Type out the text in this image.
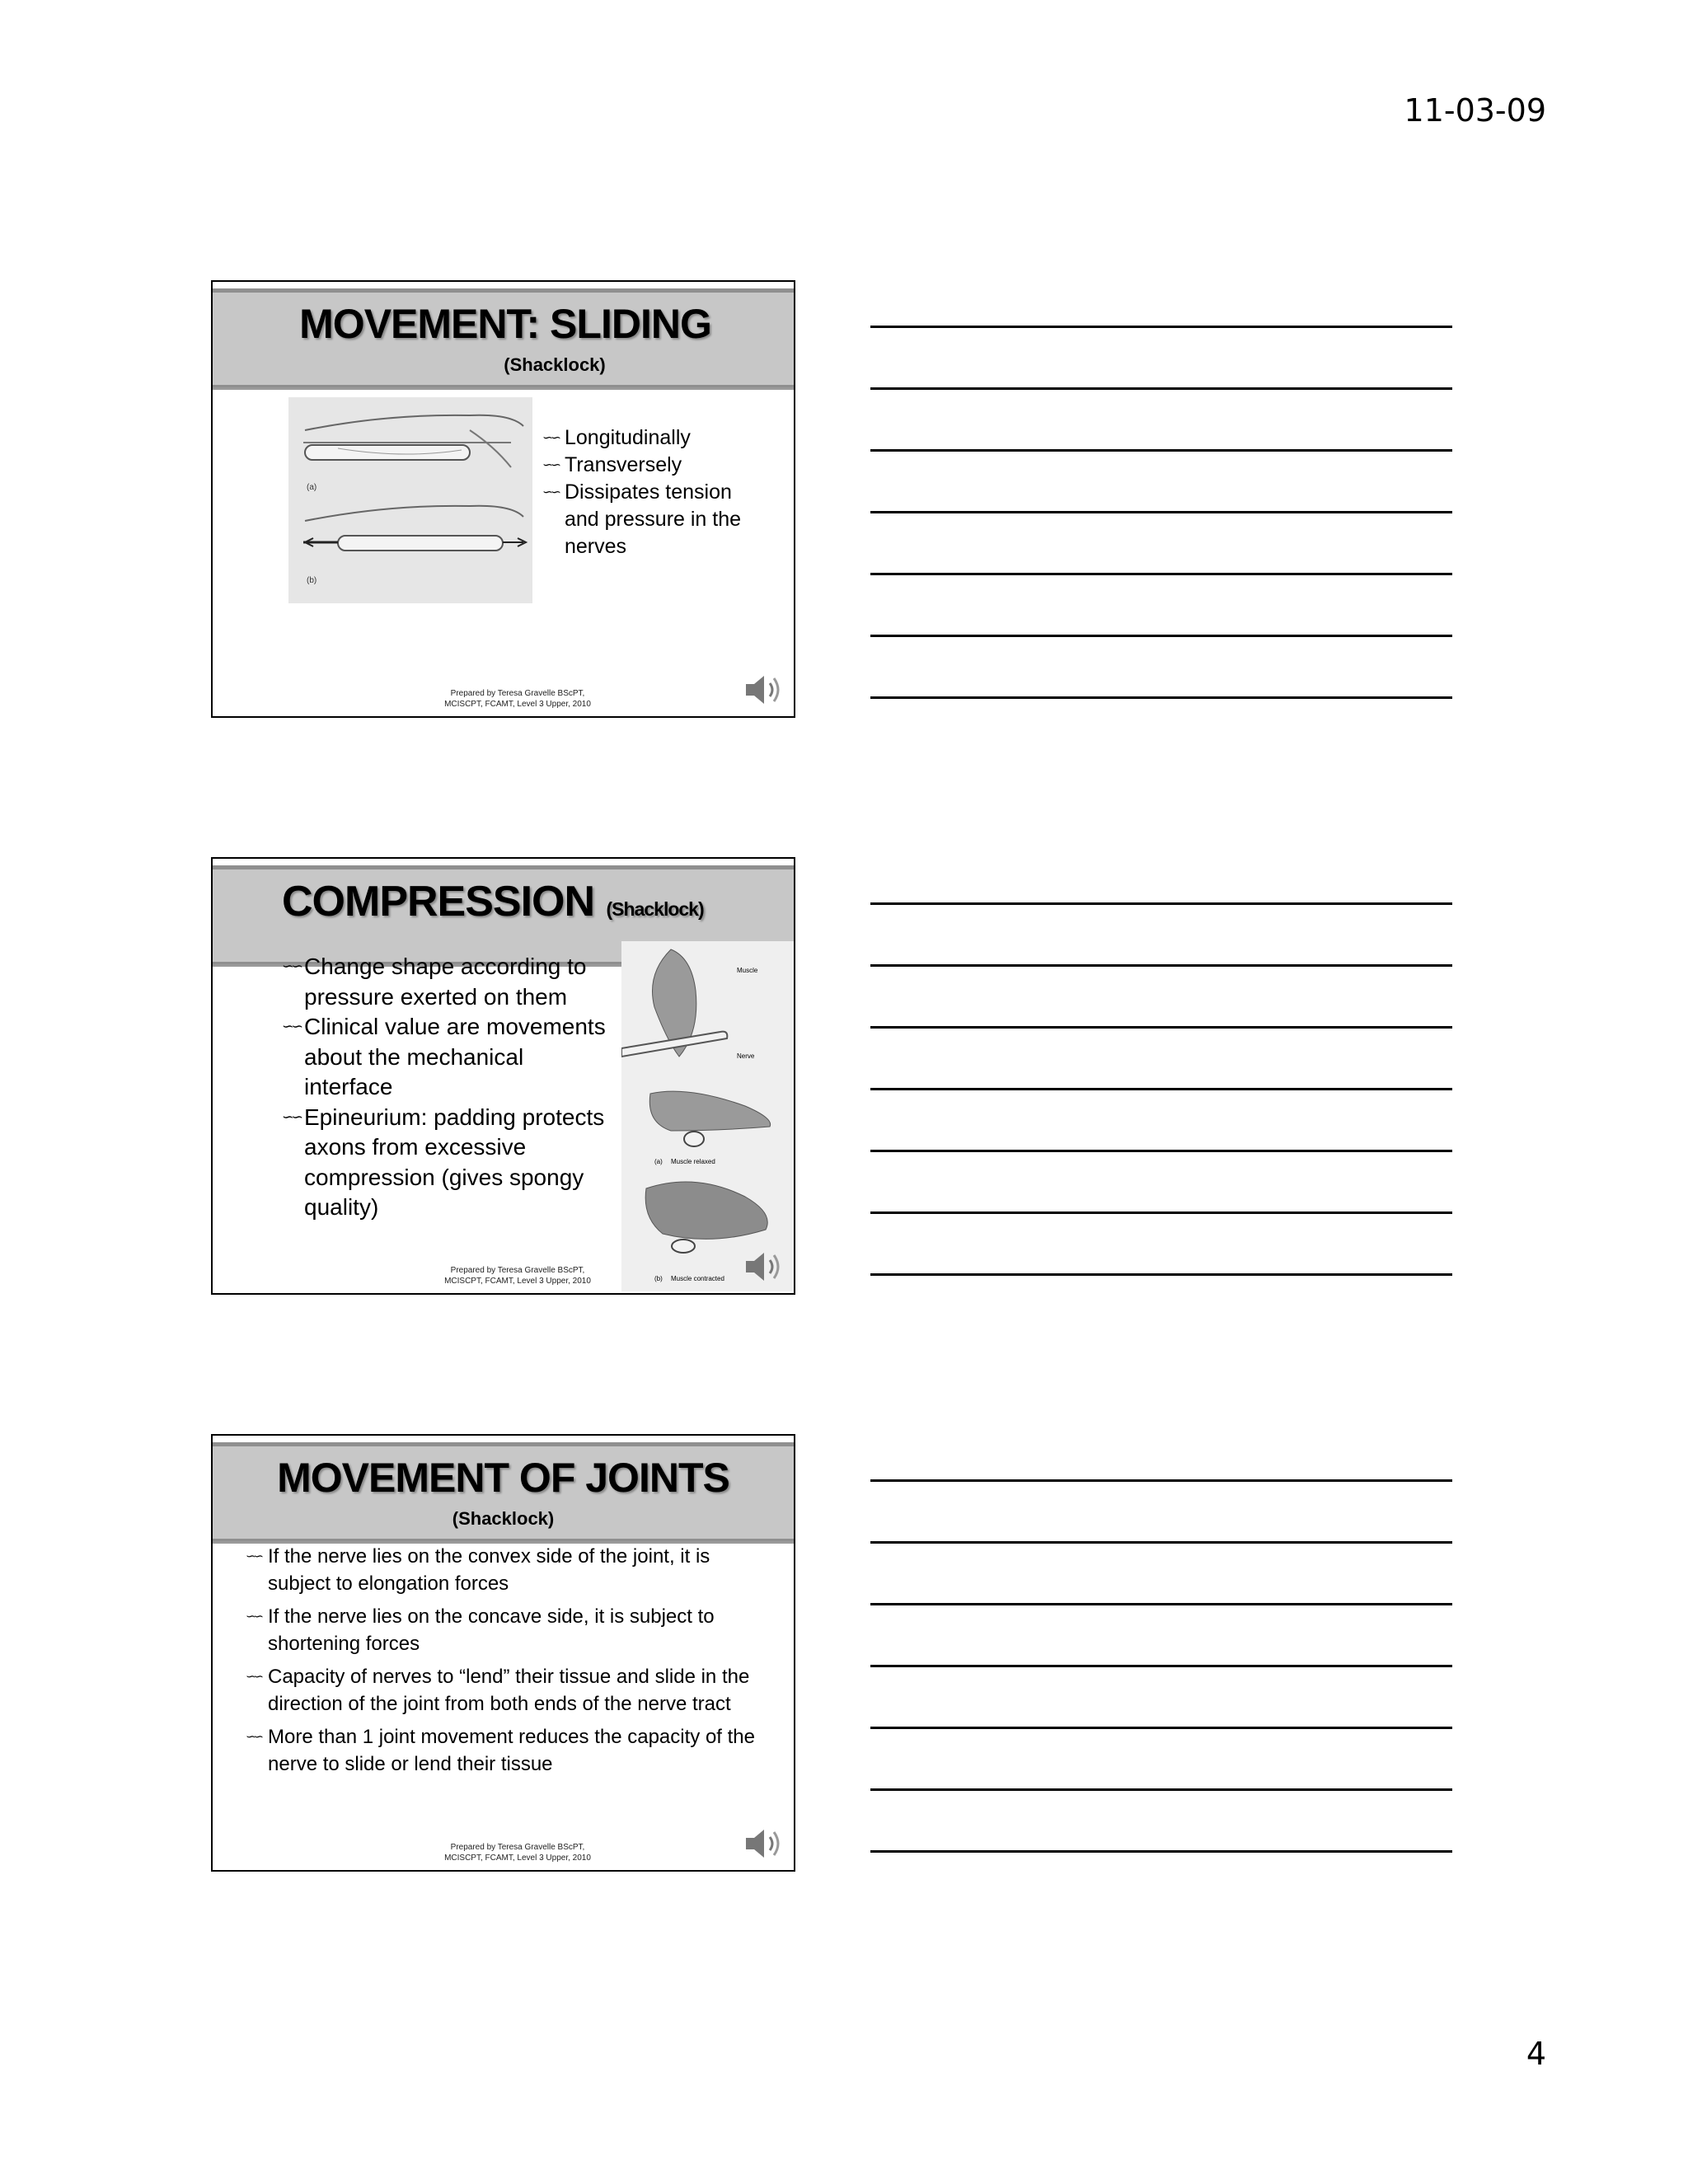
11-03-09
MOVEMENT: SLIDING
(Shacklock)
(a)
(b)
∽∽ Longitudinally
∽∽ Transversely
∽∽ Dissipates tension and pressure in the nerves
Prepared by Teresa Gravelle BScPT,
MCISCPT, FCAMT, Level 3 Upper, 2010
COMPRESSION (Shacklock)
∽∽ Change shape according to pressure exerted on them
∽∽ Clinical value are movements about the mechanical interface
∽∽ Epineurium: padding protects axons from excessive compression (gives spongy quality)
Muscle
Nerve
(a) Muscle relaxed
(b) Muscle contracted
Prepared by Teresa Gravelle BScPT,
MCISCPT, FCAMT, Level 3 Upper, 2010
MOVEMENT OF JOINTS
(Shacklock)
∽∽ If the nerve lies on the convex side of the joint, it is subject to elongation forces
∽∽ If the nerve lies on the concave side, it is subject to shortening forces
∽∽ Capacity of nerves to “lend” their tissue and slide in the direction of the joint from both ends of the nerve tract
∽∽ More than 1 joint movement reduces the capacity of the nerve to slide or lend their tissue
Prepared by Teresa Gravelle BScPT,
MCISCPT, FCAMT, Level 3 Upper, 2010
4
